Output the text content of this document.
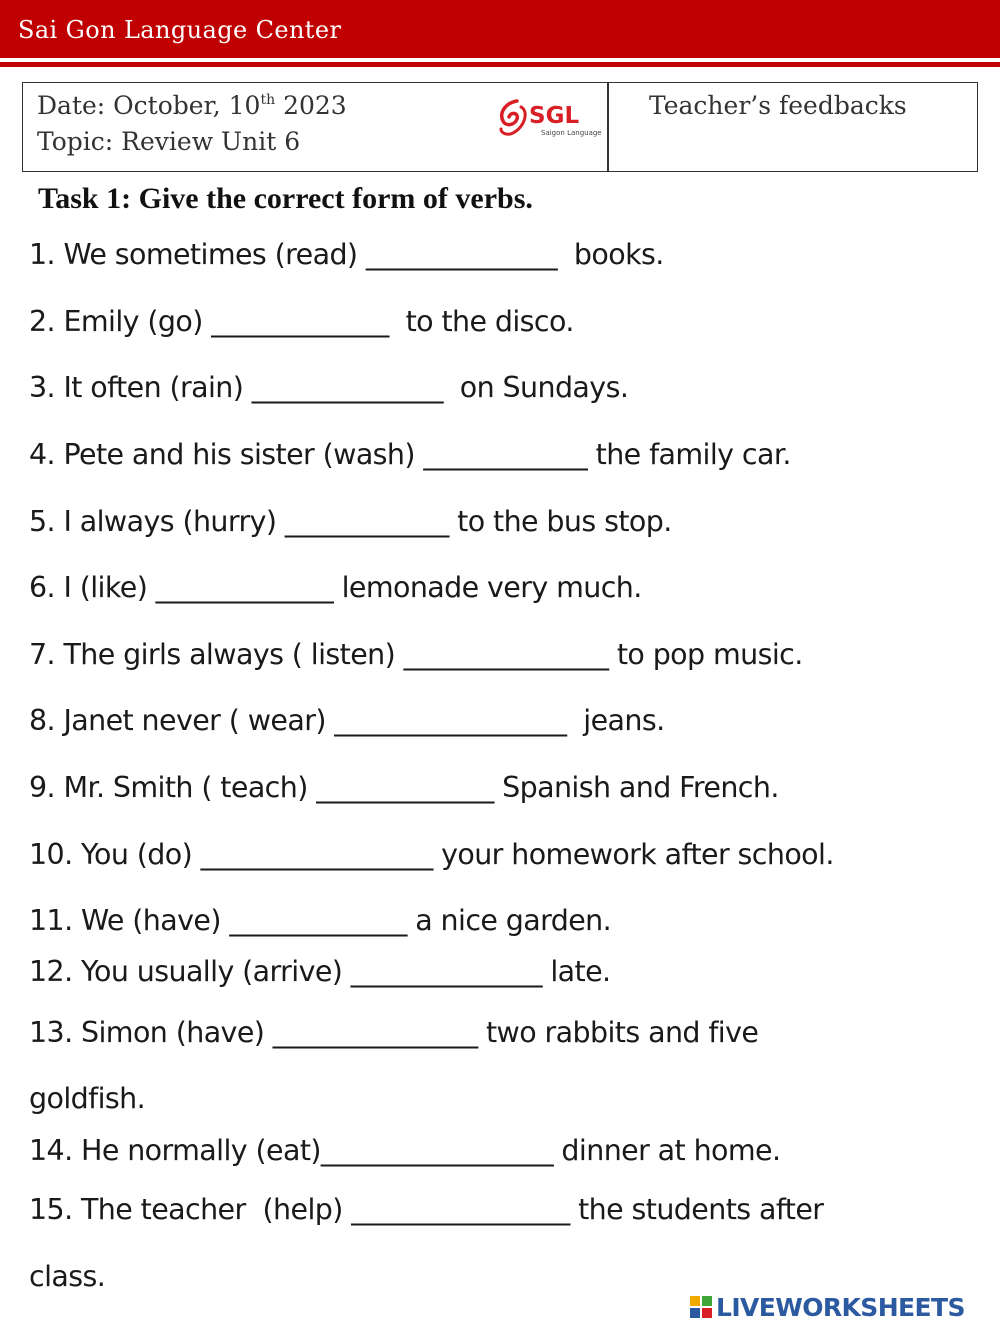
Sai Gon Language Center
Date: October, 10th 2023
Topic: Review Unit 6
SGL
Saigon Language
Teacher’s feedbacks
Task 1: Give the correct form of verbs.
1. We sometimes (read) ______________  books.
2. Emily (go) _____________  to the disco.
3. It often (rain) ______________  on Sundays.
4. Pete and his sister (wash) ____________ the family car.
5. I always (hurry) ____________ to the bus stop.
6. I (like) _____________ lemonade very much.
7. The girls always ( listen) _______________ to pop music.
8. Janet never ( wear) _________________  jeans.
9. Mr. Smith ( teach) _____________ Spanish and French.
10. You (do) _________________ your homework after school.
11. We (have) _____________ a nice garden.
12. You usually (arrive) ______________ late.
13. Simon (have) _______________ two rabbits and five
goldfish.
14. He normally (eat)_________________ dinner at home.
15. The teacher  (help) ________________ the students after
class.
LIVEWORKSHEETS
